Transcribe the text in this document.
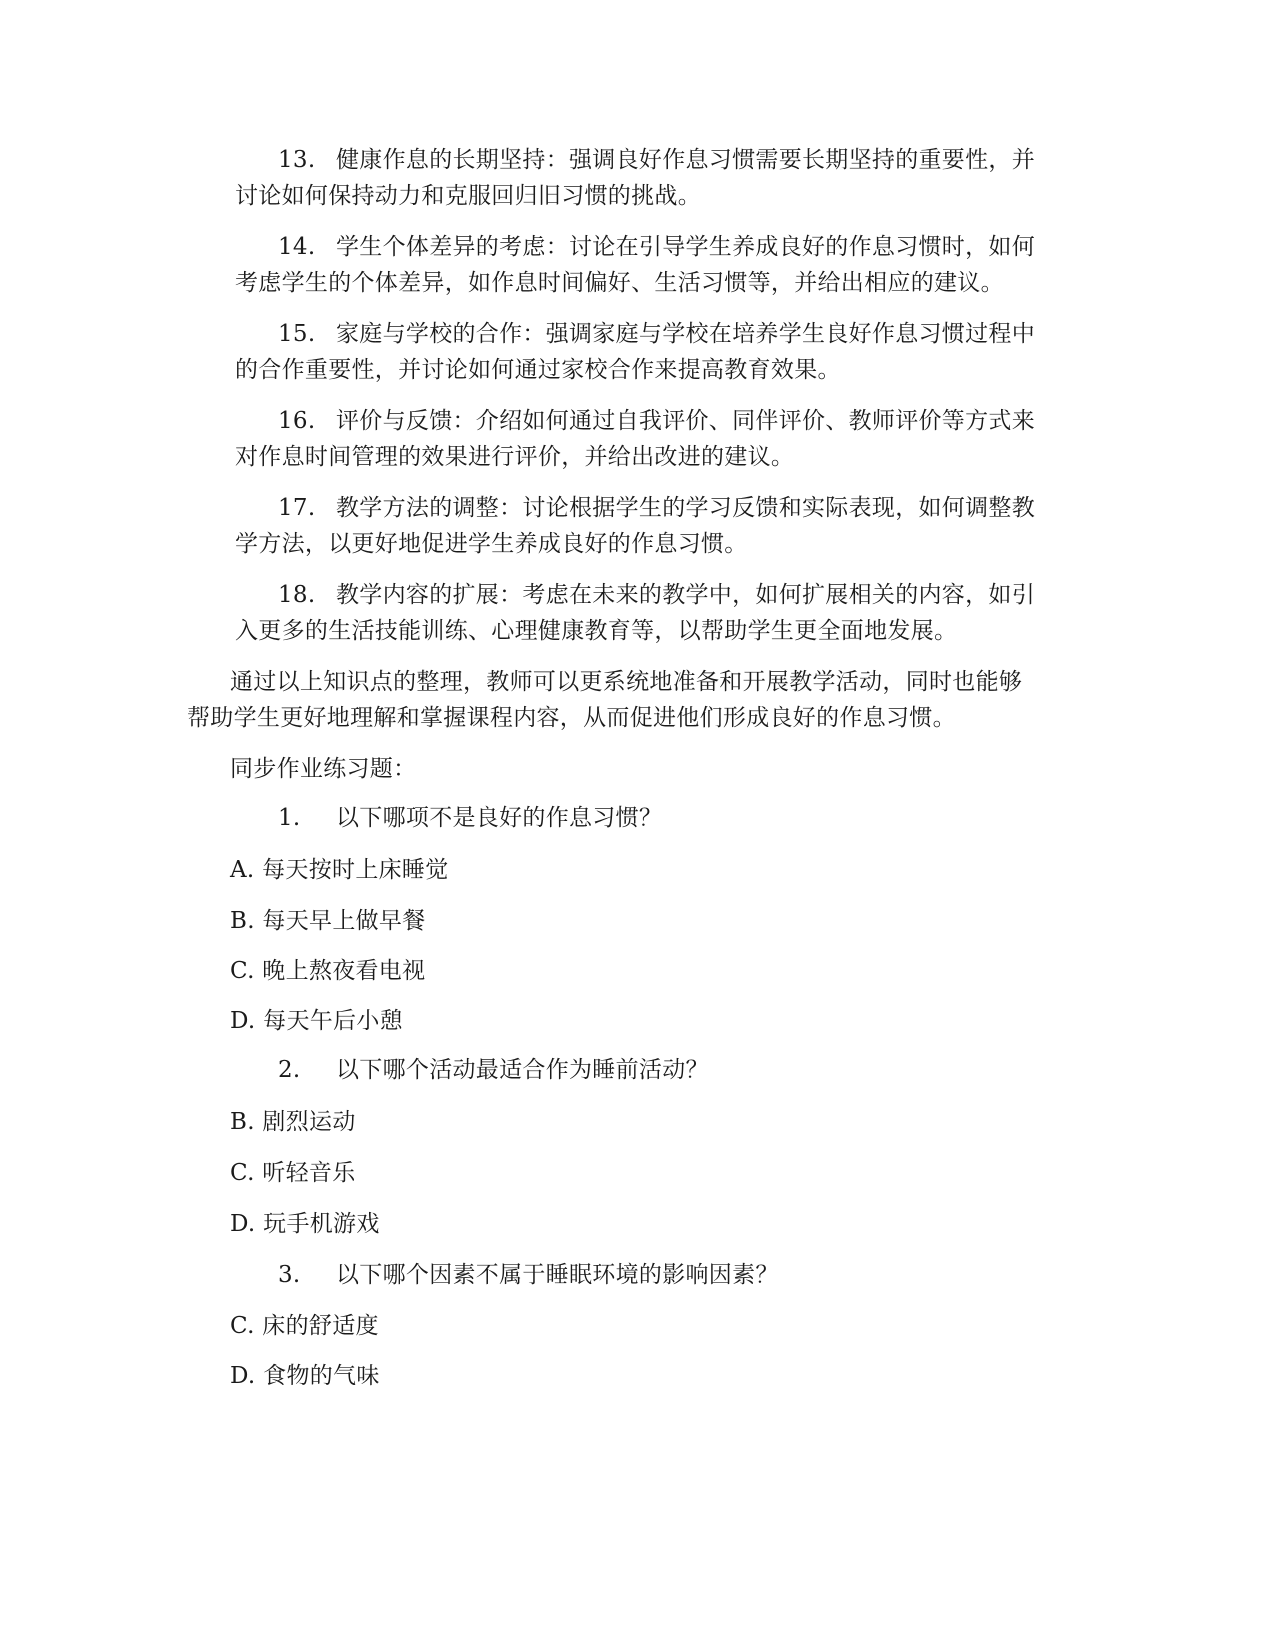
13. 健康作息的长期坚持：强调良好作息习惯需要长期坚持的重要性，并
讨论如何保持动力和克服回归旧习惯的挑战。
14. 学生个体差异的考虑：讨论在引导学生养成良好的作息习惯时，如何
考虑学生的个体差异，如作息时间偏好、生活习惯等，并给出相应的建议。
15. 家庭与学校的合作：强调家庭与学校在培养学生良好作息习惯过程中
的合作重要性，并讨论如何通过家校合作来提高教育效果。
16. 评价与反馈：介绍如何通过自我评价、同伴评价、教师评价等方式来
对作息时间管理的效果进行评价，并给出改进的建议。
17. 教学方法的调整：讨论根据学生的学习反馈和实际表现，如何调整教
学方法，以更好地促进学生养成良好的作息习惯。
18. 教学内容的扩展：考虑在未来的教学中，如何扩展相关的内容，如引
入更多的生活技能训练、心理健康教育等，以帮助学生更全面地发展。
通过以上知识点的整理，教师可以更系统地准备和开展教学活动，同时也能够
帮助学生更好地理解和掌握课程内容，从而促进他们形成良好的作息习惯。
同步作业练习题：
1. 以下哪项不是良好的作息习惯？
A. 每天按时上床睡觉
B. 每天早上做早餐
C. 晚上熬夜看电视
D. 每天午后小憩
2. 以下哪个活动最适合作为睡前活动？
B. 剧烈运动
C. 听轻音乐
D. 玩手机游戏
3. 以下哪个因素不属于睡眠环境的影响因素？
C. 床的舒适度
D. 食物的气味
